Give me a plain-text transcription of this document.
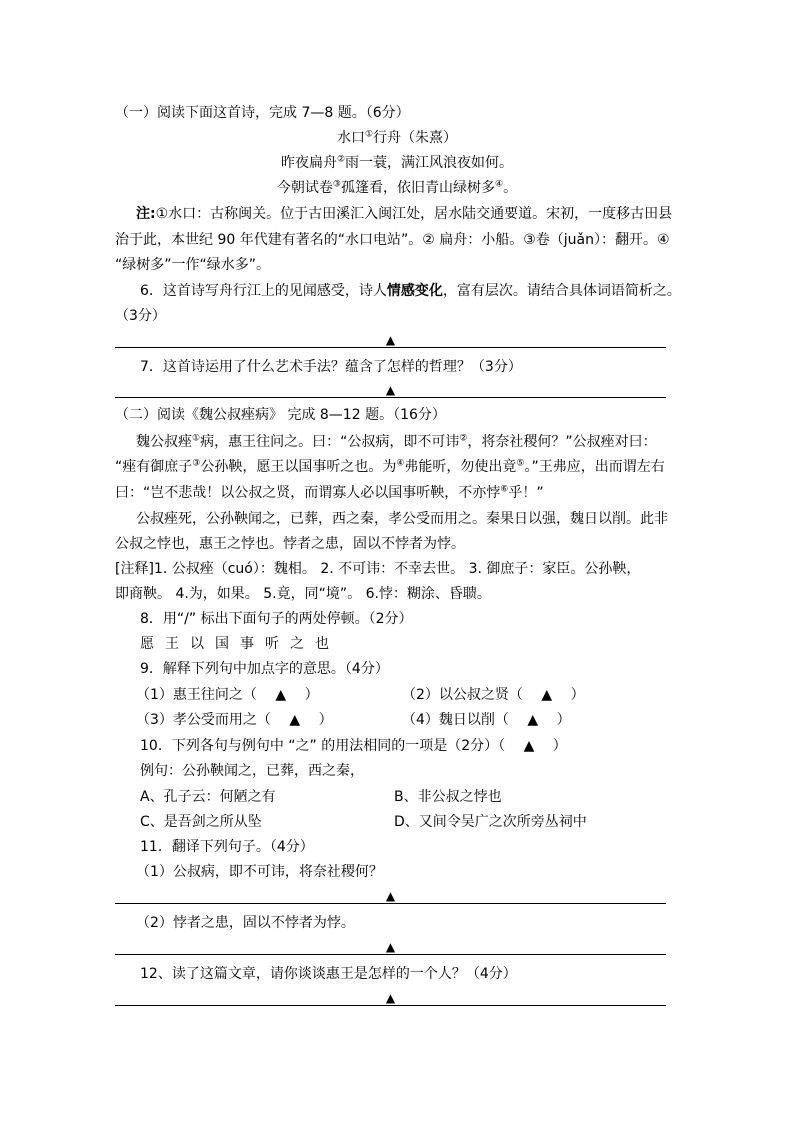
（一）阅读下面这首诗，完成 7—8 题。（6分）
水口①行舟（朱熹）
昨夜扁舟②雨一蓑，满江风浪夜如何。
今朝试卷③孤篷看，依旧青山绿树多④。
注:①水口：古称闽关。位于古田溪汇入闽江处，居水陆交通要道。宋初，一度移古田县
治于此，本世纪 90 年代建有著名的“水口电站”。② 扁舟：小船。③卷（juǎn）：翻开。④
“绿树多”一作“绿水多”。
6．这首诗写舟行江上的见闻感受，诗人情感变化，富有层次。请结合具体词语简析之。
（3分）
▲
7．这首诗运用了什么艺术手法？蕴含了怎样的哲理？（3分）
▲
（二）阅读《魏公叔痤病》 完成 8—12 题。（16分）
魏公叔痤①病，惠王往问之。曰：“公叔病，即不可讳②，将奈社稷何？”公叔痤对曰：
“痤有御庶子③公孙鞅，愿王以国事听之也。为④弗能听，勿使出竟⑤。”王弗应，出而谓左右
曰：“岂不悲哉！以公叔之贤，而谓寡人必以国事听鞅，不亦悖⑥乎！”
公叔痤死，公孙鞅闻之，已葬，西之秦，孝公受而用之。秦果日以强，魏日以削。此非
公叔之悖也，惠王之悖也。悖者之患，固以不悖者为悖。
[注释]1. 公叔痤（cuó）：魏相。 2. 不可讳：不幸去世。 3. 御庶子：家臣。公孙鞅，
即商鞅。 4.为，如果。 5.竟，同“境”。 6.悖：糊涂、昏聩。
8．用“/” 标出下面句子的两处停顿。（2分）
愿王以国事听之也
9．解释下列句中加点字的意思。（4分）
（1）惠王往问之（　 ▲　 ）	（2）以公叔之贤（　 ▲　 ）
（3）孝公受而用之（　 ▲　 ）	（4）魏日以削（　 ▲　 ）
10．下列各句与例句中 “之” 的用法相同的一项是（2分）（　 ▲　 ）
例句：公孙鞅闻之，已葬，西之秦，
A、孔子云：何陋之有	B、非公叔之悖也
C、是吾剑之所从坠	D、又间令吴广之次所旁丛祠中
11．翻译下列句子。（4分）
（1）公叔病，即不可讳，将奈社稷何？
▲
（2）悖者之患，固以不悖者为悖。
▲
12、读了这篇文章，请你谈谈惠王是怎样的一个人？（4分）
▲
